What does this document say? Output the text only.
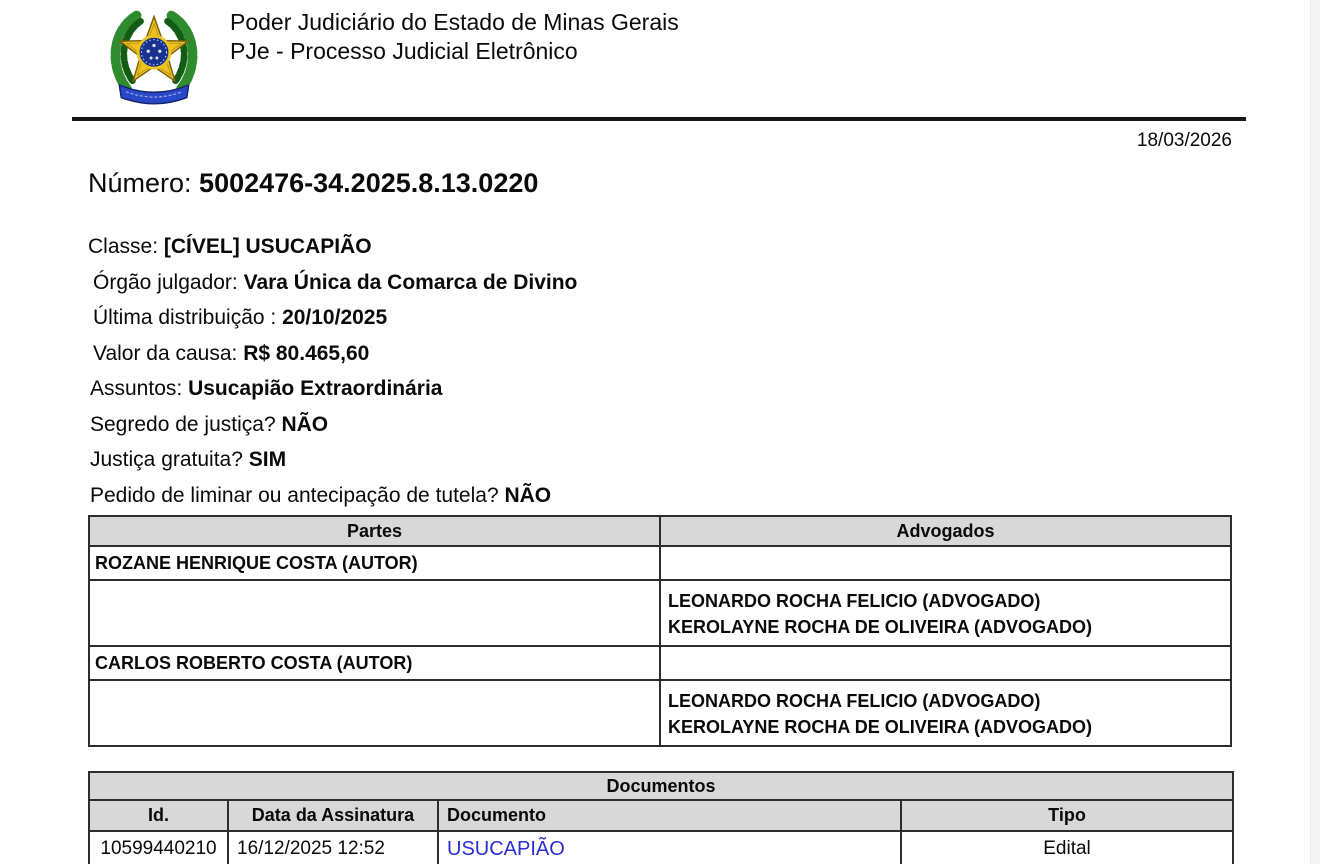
Poder Judiciário do Estado de Minas Gerais
PJe - Processo Judicial Eletrônico
18/03/2026
Número: 5002476-34.2025.8.13.0220
Classe: [CÍVEL] USUCAPIÃO
Órgão julgador: Vara Única da Comarca de Divino
Última distribuição : 20/10/2025
Valor da causa: R$ 80.465,60
Assuntos: Usucapião Extraordinária
Segredo de justiça? NÃO
Justiça gratuita? SIM
Pedido de liminar ou antecipação de tutela? NÃO
Partes	Advogados
ROZANE HENRIQUE COSTA (AUTOR)	

	LEONARDO ROCHA FELICIO (ADVOGADO)
KEROLAYNE ROCHA DE OLIVEIRA (ADVOGADO)

CARLOS ROBERTO COSTA (AUTOR)	

	LEONARDO ROCHA FELICIO (ADVOGADO)
KEROLAYNE ROCHA DE OLIVEIRA (ADVOGADO)
Documentos			
Id.	Data da Assinatura	Documento	Tipo
10599440210	16/12/2025 12:52	USUCAPIÃO	Edital
